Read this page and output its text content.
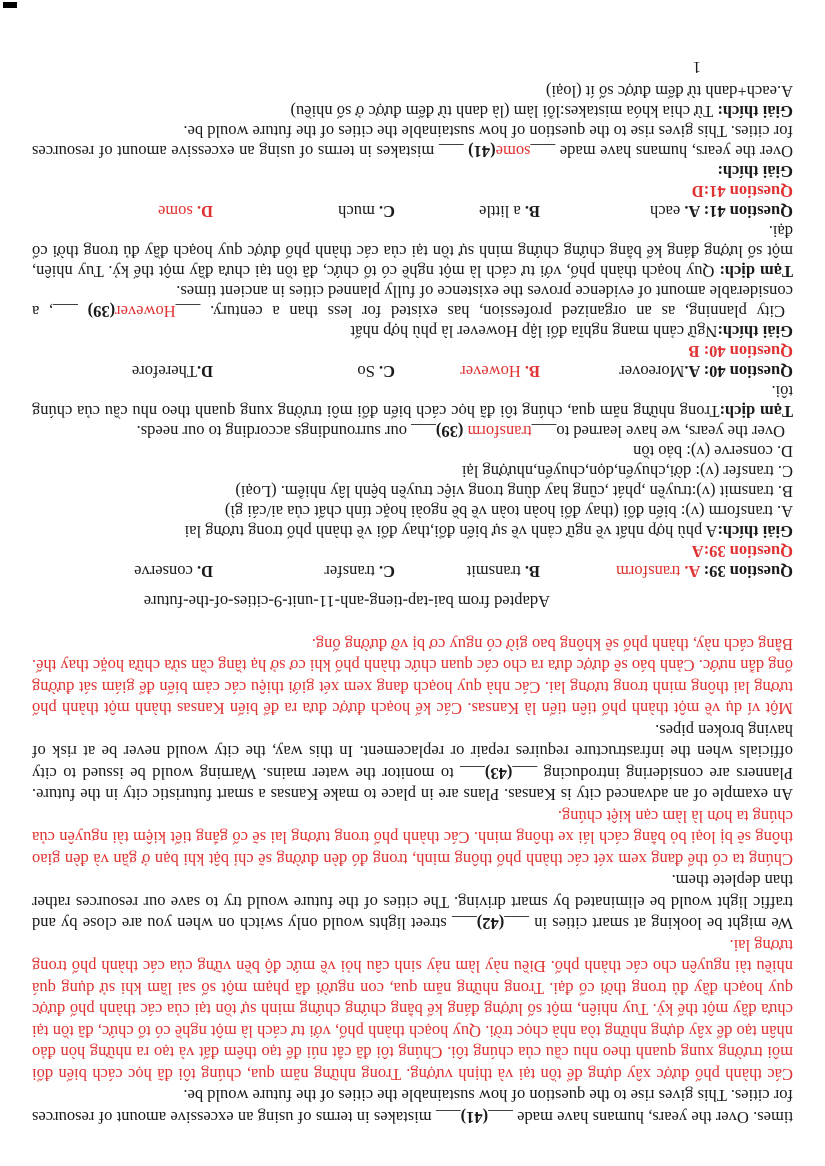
times. Over the years, humans have made ___(41)___ mistakes in terms of using an excessive amount of resources for cities. This gives rise to the question of how sustainable the cities of the future would be.

Các thành phố được xây dựng để tồn tại và thịnh vượng. Trong những năm qua, chúng tôi đã học cách biến đổi môi trường xung quanh theo nhu cầu của chúng tôi. Chúng tôi đã cắt núi để tạo thêm đất và tạo ra những hòn đảo nhân tạo để xây dựng những tòa nhà chọc trời. Quy hoạch thành phố, với tư cách là một nghề có tổ chức, đã tồn tại chưa đầy một thế kỷ. Tuy nhiên, một số lượng đáng kể bằng chứng chứng minh sự tồn tại của các thành phố được quy hoạch đầy đủ trong thời cổ đại. Trong những năm qua, con người đã phạm một số sai lầm khi sử dụng quá nhiều tài nguyên cho các thành phố. Điều này làm nảy sinh câu hỏi về mức độ bền vững của các thành phố trong tương lai.

We might be looking at smart cities in ___(42)___ street lights would only switch on when you are close by and traffic light would be eliminated by smart driving. The cities of the future would try to save our resources rather than deplete them.

Chúng ta có thể đang xem xét các thành phố thông minh, trong đó đèn đường sẽ chỉ bật khi bạn ở gần và đèn giao thông sẽ bị loại bỏ bằng cách lái xe thông minh. Các thành phố trong tương lai sẽ cố gắng tiết kiệm tài nguyên của chúng ta hơn là làm cạn kiệt chúng.

An example of an advanced city is Kansas. Plans are in place to make Kansas a smart futuristic city in the future. Planners are considering introducing ___(43)___ to monitor the water mains. Warning would be issued to city officials when the infrastructure requires repair or replacement. In this way, the city would never be at risk of having broken pipes.

Một ví dụ về một thành phố tiên tiến là Kansas. Các kế hoạch được đưa ra để biến Kansas thành một thành phố tương lai thông minh trong tương lai. Các nhà quy hoạch đang xem xét giới thiệu các cảm biến để giám sát đường ống dẫn nước. Cảnh báo sẽ được đưa ra cho các quan chức thành phố khi cơ sở hạ tầng cần sửa chữa hoặc thay thế. Bằng cách này, thành phố sẽ không bao giờ có nguy cơ bị vỡ đường ống.

Adapted from bai-tap-tieng-anh-11-unit-9-cities-of-the-future

Question 39: A. transform
B. transmit
C. transfer
D. conserve

Question 39:A

Giải thích:A phù hợp nhất về ngữ cảnh về sự biến đổi,thay đổi về thành phố trong tương lai

A. transform (v): biến đổi (thay đổi hoàn toàn về bề ngoài hoặc tính chất của ai/cái gì)

B. transmit (v):truyền ,phát ,cũng hay dùng trong việc truyền bệnh lây nhiễm. (Loại)

C. transfer (v): dời,chuyển,dọn,chuyển,nhượng lại

D. conserve (v): bảo tồn

Over the years, we have learned to___transform (39)___ our surroundings according to our needs.

Tạm dịch:Trong những năm qua, chúng tôi đã học cách biến đổi môi trường xung quanh theo nhu cầu của chúng tôi.

Question 40: A.Moreover
B. However
C. So
D.Therefore

Question 40: B

Giải thích:Ngữ cảnh mang nghĩa đối lập However là phù hợp nhất

City planning, as an organized profession, has existed for less than a century. ___However(39) ___, a considerable amount of evidence proves the existence of fully planned cities in ancient times.

Tạm dịch: Quy hoạch thành phố, với tư cách là một nghề có tổ chức, đã tồn tại chưa đầy một thế kỷ. Tuy nhiên, một số lượng đáng kể bằng chứng chứng minh sự tồn tại của các thành phố được quy hoạch đầy đủ trong thời cổ đại.

Question 41: A. each
B. a little
C. much
D. some

Question 41:D

Giải thích:

Over the years, humans have made ___some(41) ___ mistakes in terms of using an excessive amount of resources for cities. This gives rise to the question of how sustainable the cities of the future would be.

Giải thích: Từ chia khóa mistakes:lỗi làm (là danh từ đếm được ở số nhiều)

A.each+danh từ đếm được số ít (loại)

1
